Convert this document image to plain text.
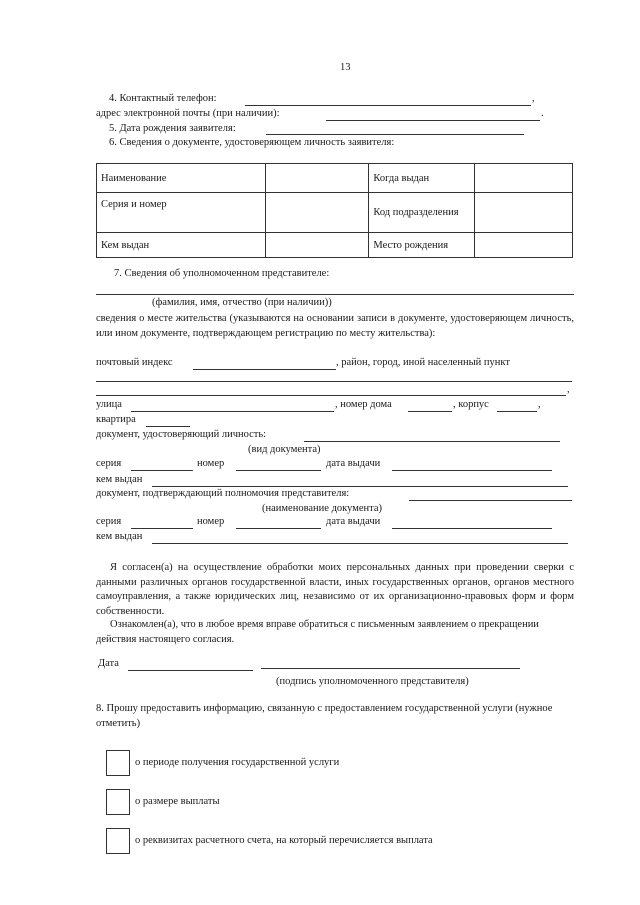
13
4. Контактный телефон:	,
адрес электронной почты (при наличии):	.
5. Дата рождения заявителя:
6. Сведения о документе, удостоверяющем личность заявителя:
Наименование		Когда выдан	
Серия и номер		Код подразделения	
Кем выдан		Место рождения	
7. Сведения об уполномоченном представителе:
(фамилия, имя, отчество (при наличии))
сведения о месте жительства (указываются на основании записи в документе, удостоверяющем личность, или ином документе, подтверждающем регистрацию по месту жительства):
почтовый индекс	, район, город, иной населенный пункт
,
улица	, номер дома	, корпус	,
квартира
документ, удостоверяющий личность:
(вид документа)
серия	номер	дата выдачи
кем выдан
документ, подтверждающий полномочия представителя:
(наименование документа)
серия	номер	дата выдачи
кем выдан
Я согласен(а) на осуществление обработки моих персональных данных при проведении сверки с данными различных органов государственной власти, иных государственных органов, органов местного самоуправления, а также юридических лиц, независимо от их организационно-правовых форм и форм собственности.
Ознакомлен(а), что в любое время вправе обратиться с письменным заявлением о прекращении действия настоящего согласия.
Дата
(подпись уполномоченного представителя)
8. Прошу предоставить информацию, связанную с предоставлением государственной услуги (нужное отметить)
о периоде получения государственной услуги
о размере выплаты
о реквизитах расчетного счета, на который перечисляется выплата
